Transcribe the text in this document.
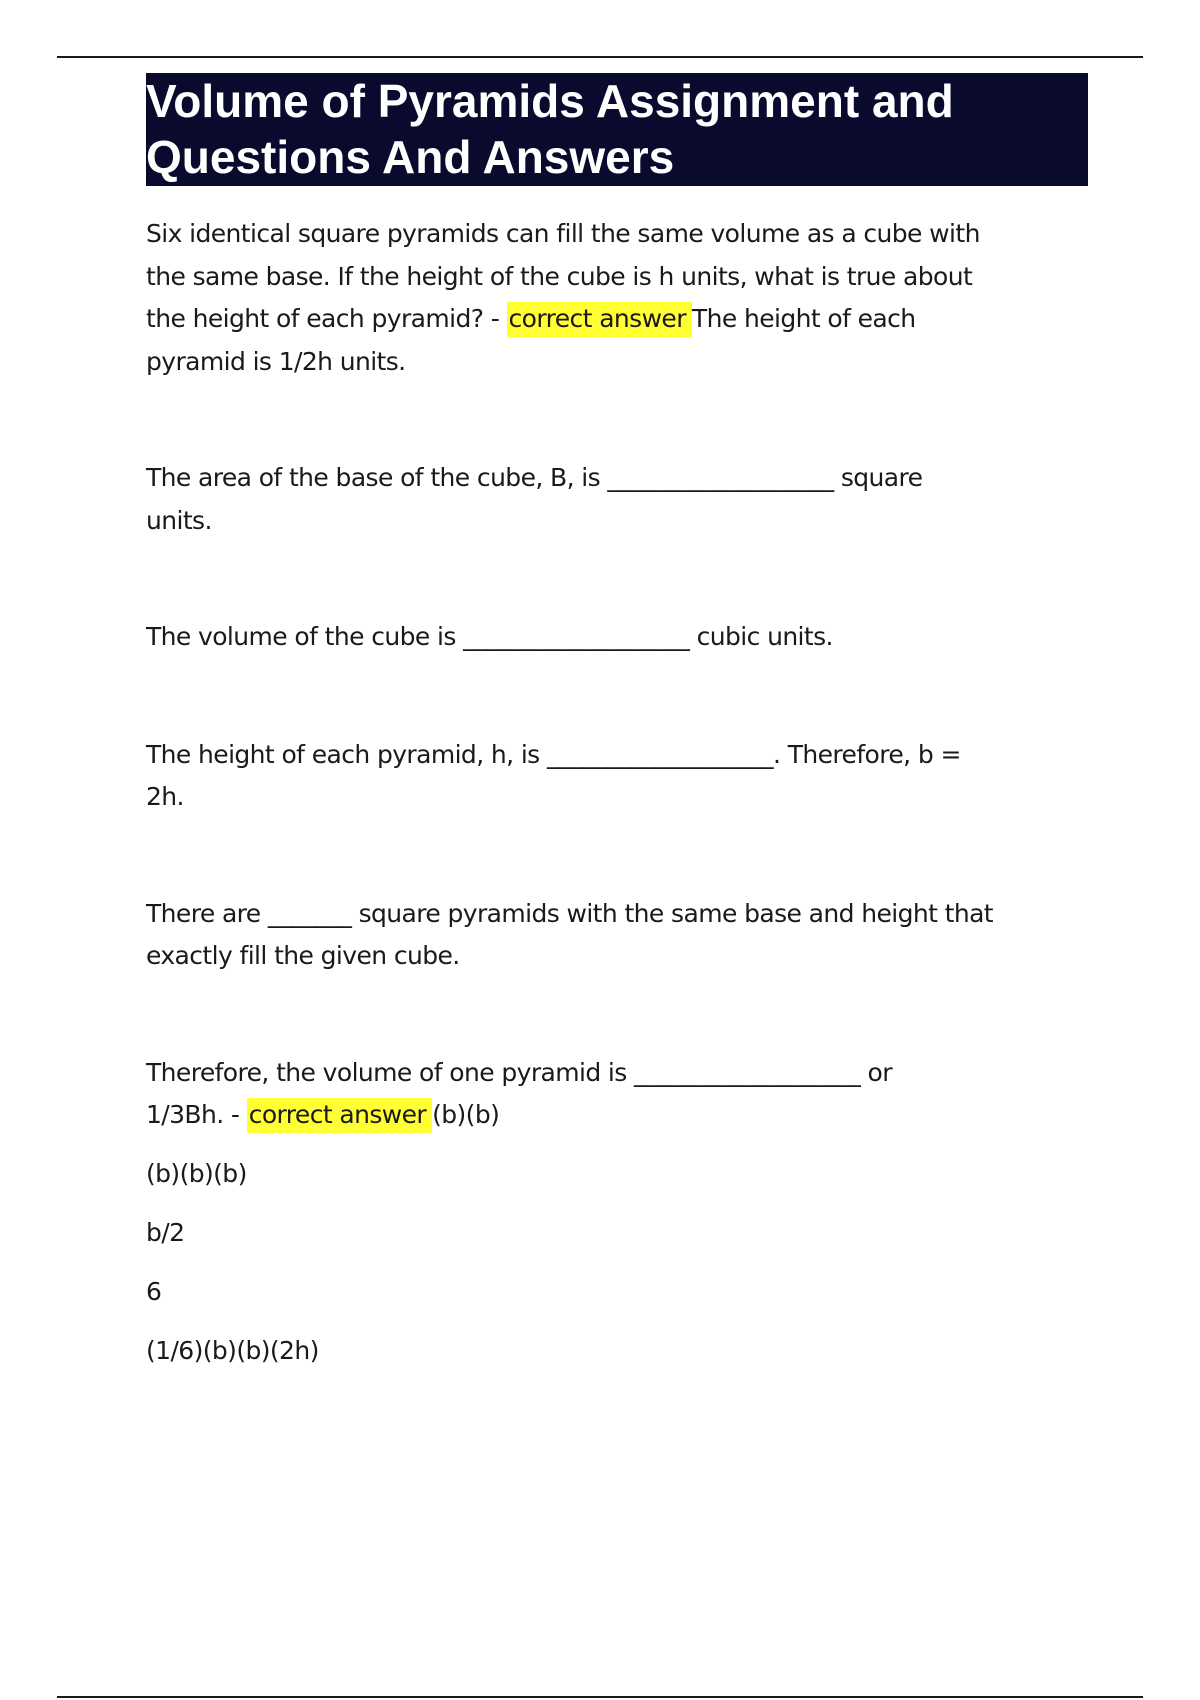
Volume of Pyramids Assignment and
Questions And Answers
Six identical square pyramids can fill the same volume as a cube with
the same base. If the height of the cube is h units, what is true about
the height of each pyramid? - correct answer The height of each
pyramid is 1/2h units.
The area of the base of the cube, B, is ___________________ square
units.
The volume of the cube is ___________________ cubic units.
The height of each pyramid, h, is ___________________. Therefore, b =
2h.
There are _______ square pyramids with the same base and height that
exactly fill the given cube.
Therefore, the volume of one pyramid is ___________________ or
1/3Bh. - correct answer (b)(b)
(b)(b)(b)
b/2
6
(1/6)(b)(b)(2h)
